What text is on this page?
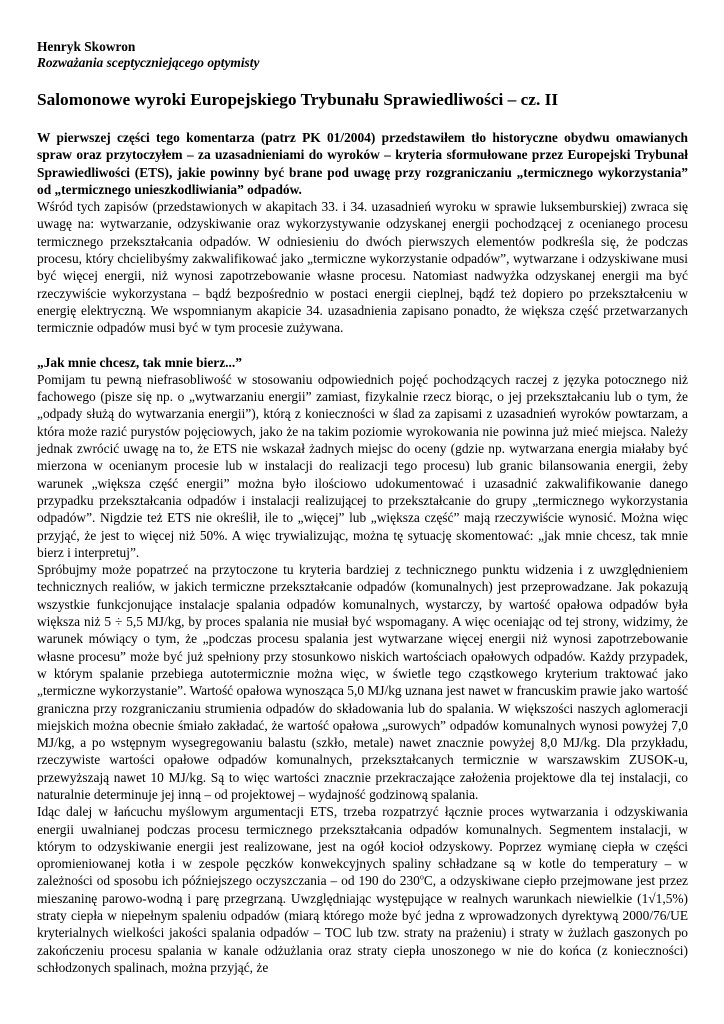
Henryk Skowron
Rozważania sceptyczniejącego optymisty
Salomonowe wyroki Europejskiego Trybunału Sprawiedliwości – cz. II

W pierwszej części tego komentarza (patrz PK 01/2004) przedstawiłem tło historyczne obydwu omawianych spraw oraz przytoczyłem – za uzasadnieniami do wyroków – kryteria sformułowane przez Europejski Trybunał Sprawiedliwości (ETS), jakie powinny być brane pod uwagę przy rozgraniczaniu „termicznego wykorzystania” od „termicznego unieszkodliwiania” odpadów.

Wśród tych zapisów (przedstawionych w akapitach 33. i 34. uzasadnień wyroku w sprawie luksemburskiej) zwraca się uwagę na: wytwarzanie, odzyskiwanie oraz wykorzystywanie odzyskanej energii pochodzącej z ocenianego procesu termicznego przekształcania odpadów. W odniesieniu do dwóch pierwszych elementów podkreśla się, że podczas procesu, który chcielibyśmy zakwalifikować jako „termiczne wykorzystanie odpadów”, wytwarzane i odzyskiwane musi być więcej energii, niż wynosi zapotrzebowanie własne procesu. Natomiast nadwyżka odzyskanej energii ma być rzeczywiście wykorzystana – bądź bezpośrednio w postaci energii cieplnej, bądź też dopiero po przekształceniu w energię elektryczną. We wspomnianym akapicie 34. uzasadnienia zapisano ponadto, że większa część przetwarzanych termicznie odpadów musi być w tym procesie zużywana.

„Jak mnie chcesz, tak mnie bierz...”

Pomijam tu pewną niefrasobliwość w stosowaniu odpowiednich pojęć pochodzących raczej z języka potocznego niż fachowego (pisze się np. o „wytwarzaniu energii” zamiast, fizykalnie rzecz biorąc, o jej przekształcaniu lub o tym, że „odpady służą do wytwarzania energii”), którą z konieczności w ślad za zapisami z uzasadnień wyroków powtarzam, a która może razić purystów pojęciowych, jako że na takim poziomie wyrokowania nie powinna już mieć miejsca. Należy jednak zwrócić uwagę na to, że ETS nie wskazał żadnych miejsc do oceny (gdzie np. wytwarzana energia miałaby być mierzona w ocenianym procesie lub w instalacji do realizacji tego procesu) lub granic bilansowania energii, żeby warunek „większa część energii” można było ilościowo udokumentować i uzasadnić zakwalifikowanie danego przypadku przekształcania odpadów i instalacji realizującej to przekształcanie do grupy „termicznego wykorzystania odpadów”. Nigdzie też ETS nie określił, ile to „więcej” lub „większa część” mają rzeczywiście wynosić. Można więc przyjąć, że jest to więcej niż 50%. A więc trywializując, można tę sytuację skomentować: „jak mnie chcesz, tak mnie bierz i interpretuj”.

Spróbujmy może popatrzeć na przytoczone tu kryteria bardziej z technicznego punktu widzenia i z uwzględnieniem technicznych realiów, w jakich termiczne przekształcanie odpadów (komunalnych) jest przeprowadzane. Jak pokazują wszystkie funkcjonujące instalacje spalania odpadów komunalnych, wystarczy, by wartość opałowa odpadów była większa niż 5 ÷ 5,5 MJ/kg, by proces spalania nie musiał być wspomagany. A więc oceniając od tej strony, widzimy, że warunek mówiący o tym, że „podczas procesu spalania jest wytwarzane więcej energii niż wynosi zapotrzebowanie własne procesu” może być już spełniony przy stosunkowo niskich wartościach opałowych odpadów. Każdy przypadek, w którym spalanie przebiega autotermicznie można więc, w świetle tego cząstkowego kryterium traktować jako „termiczne wykorzystanie”. Wartość opałowa wynosząca 5,0 MJ/kg uznana jest nawet w francuskim prawie jako wartość graniczna przy rozgraniczaniu strumienia odpadów do składowania lub do spalania. W większości naszych aglomeracji miejskich można obecnie śmiało zakładać, że wartość opałowa „surowych” odpadów komunalnych wynosi powyżej 7,0 MJ/kg, a po wstępnym wysegregowaniu balastu (szkło, metale) nawet znacznie powyżej 8,0 MJ/kg. Dla przykładu, rzeczywiste wartości opałowe odpadów komunalnych, przekształcanych termicznie w warszawskim ZUSOK-u, przewyższają nawet 10 MJ/kg. Są to więc wartości znacznie przekraczające założenia projektowe dla tej instalacji, co naturalnie determinuje jej inną – od projektowej – wydajność godzinową spalania.

Idąc dalej w łańcuchu myślowym argumentacji ETS, trzeba rozpatrzyć łącznie proces wytwarzania i odzyskiwania energii uwalnianej podczas procesu termicznego przekształcania odpadów komunalnych. Segmentem instalacji, w którym to odzyskiwanie energii jest realizowane, jest na ogół kocioł odzyskowy. Poprzez wymianę ciepła w części opromieniowanej kotła i w zespole pęczków konwekcyjnych spaliny schładzane są w kotle do temperatury – w zależności od sposobu ich późniejszego oczyszczania – od 190 do 230$^o$C, a odzyskiwane ciepło przejmowane jest przez mieszaninę parowo-wodną i parę przegrzaną. Uwzględniając występujące w realnych warunkach niewielkie (1√1,5%) straty ciepła w niepełnym spaleniu odpadów (miarą którego może być jedna z wprowadzonych dyrektywą 2000/76/UE kryterialnych wielkości jakości spalania odpadów – TOC lub tzw. straty na prażeniu) i straty w żużlach gaszonych po zakończeniu procesu spalania w kanale odżużlania oraz straty ciepła unoszonego w nie do końca (z konieczności) schłodzonych spalinach, można przyjąć, że
